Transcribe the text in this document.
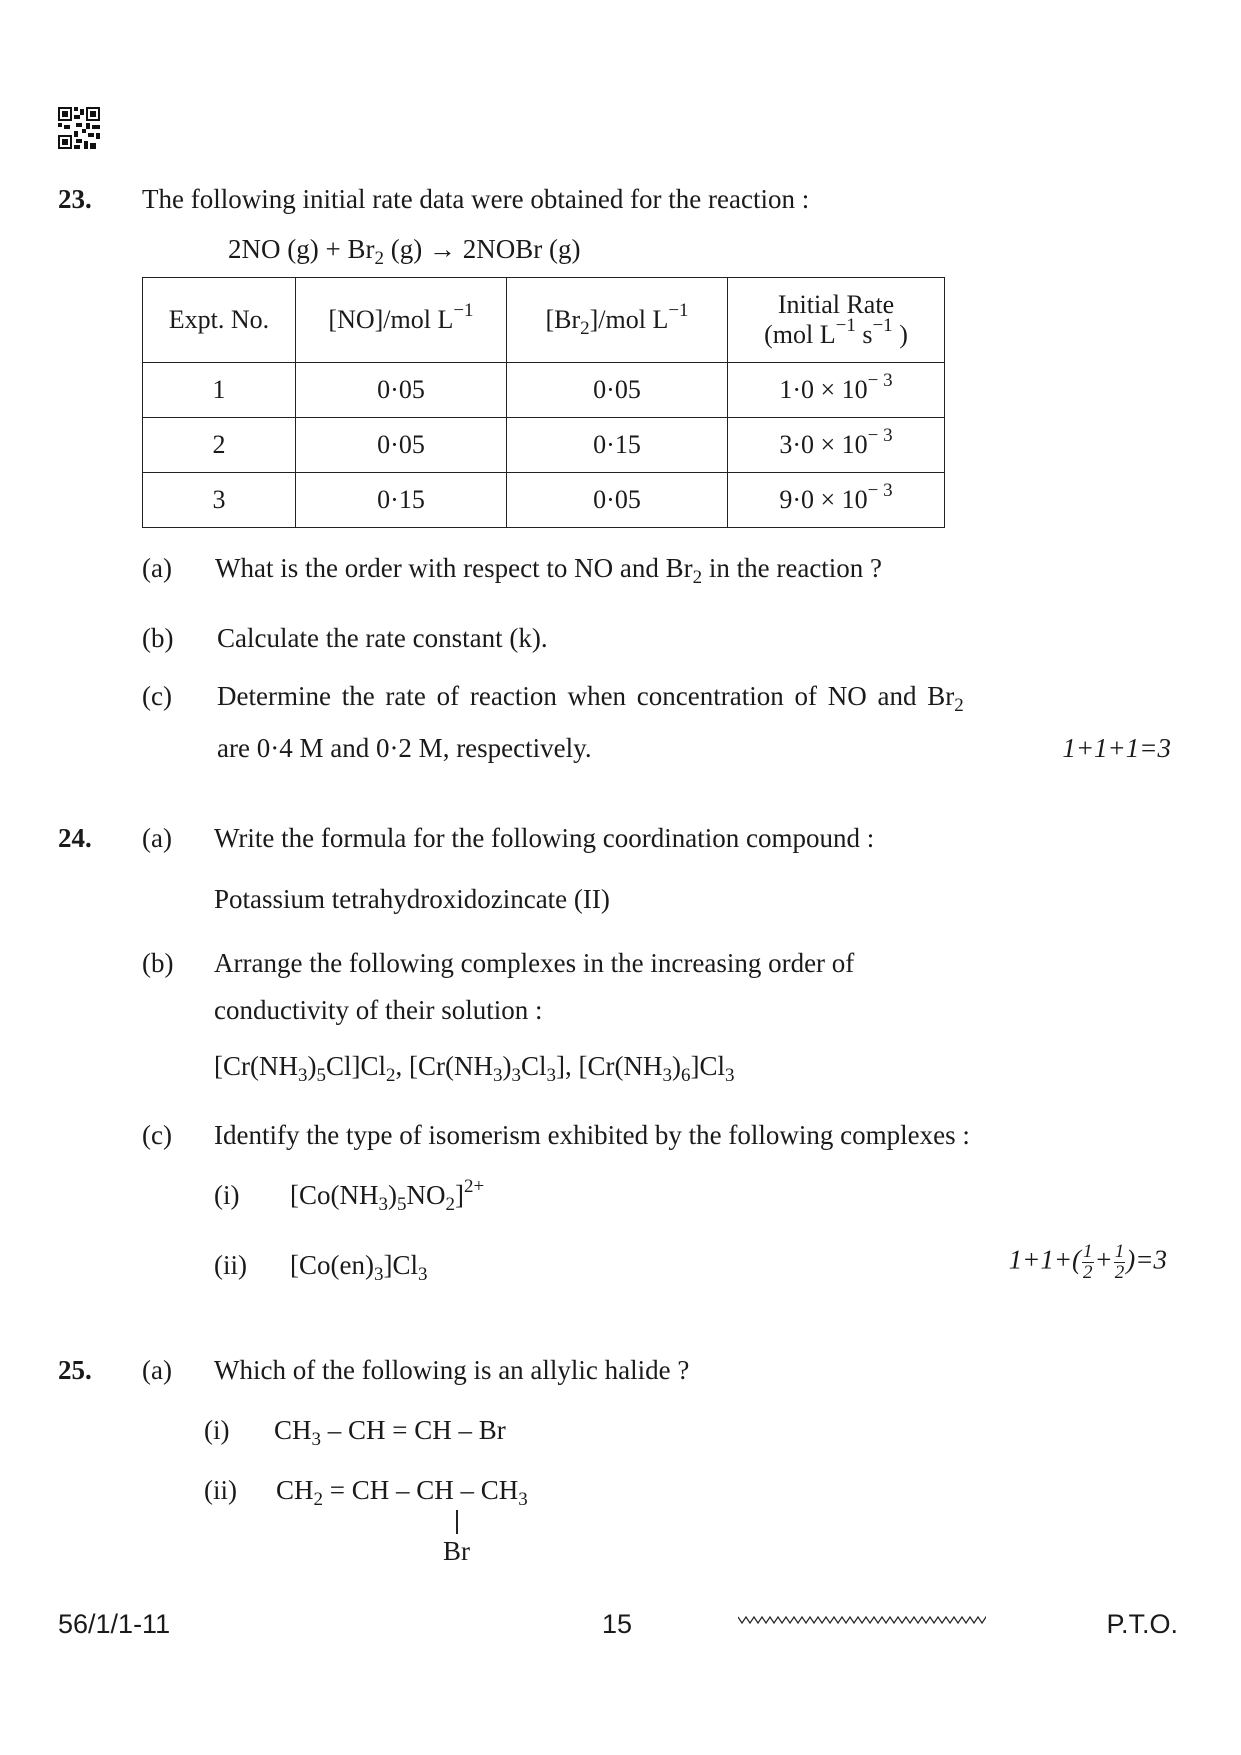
23. The following initial rate data were obtained for the reaction :
2NO $(g) + Br_2$ (g) → 2NOBr (g)
Expt. No.	[NO]/mol $L^{-1}$	$[Br_2]$/mol $L^{-1}$	Initial Rate
(mol $L^{-1}$ $s^{-1}$ )

1	0·05	0·05	$1\cdot 0 \times 10^{- 3}$
2	0·05	0·15	$3\cdot 0 \times 10^{- 3}$
3	0·15	0·05	$9\cdot 0 \times 10^{- 3}$
(a) What is the order with respect to NO and $Br_2$ in the reaction ?
(b) Calculate the rate constant (k).
(c) Determine the rate of reaction when concentration of NO and $Br_2$
are 0·4 M and 0·2 M, respectively.	1+1+1=3
24. (a) Write the formula for the following coordination compound :
Potassium tetrahydroxidozincate (II)
(b) Arrange the following complexes in the increasing order of
conductivity of their solution :
$[Cr(NH_3)_5Cl]Cl_2$, $[Cr(NH_3)_3Cl_3]$, $[Cr(NH_3)_6]Cl_3$
(c) Identify the type of isomerism exhibited by the following complexes :
(i) $[Co(NH_3)_5NO_2]^{2+}$
(ii) $[Co(en)_3]Cl_3$	$1+1+( \frac{1}{2} + \frac{1}{2} )=3$
25. (a) Which of the following is an allylic halide ?
(i) $CH_3$ – CH = CH – Br
(ii) $CH_2$ = CH – CH – $CH_3$
Br
56/1/1-11	15	P.T.O.
